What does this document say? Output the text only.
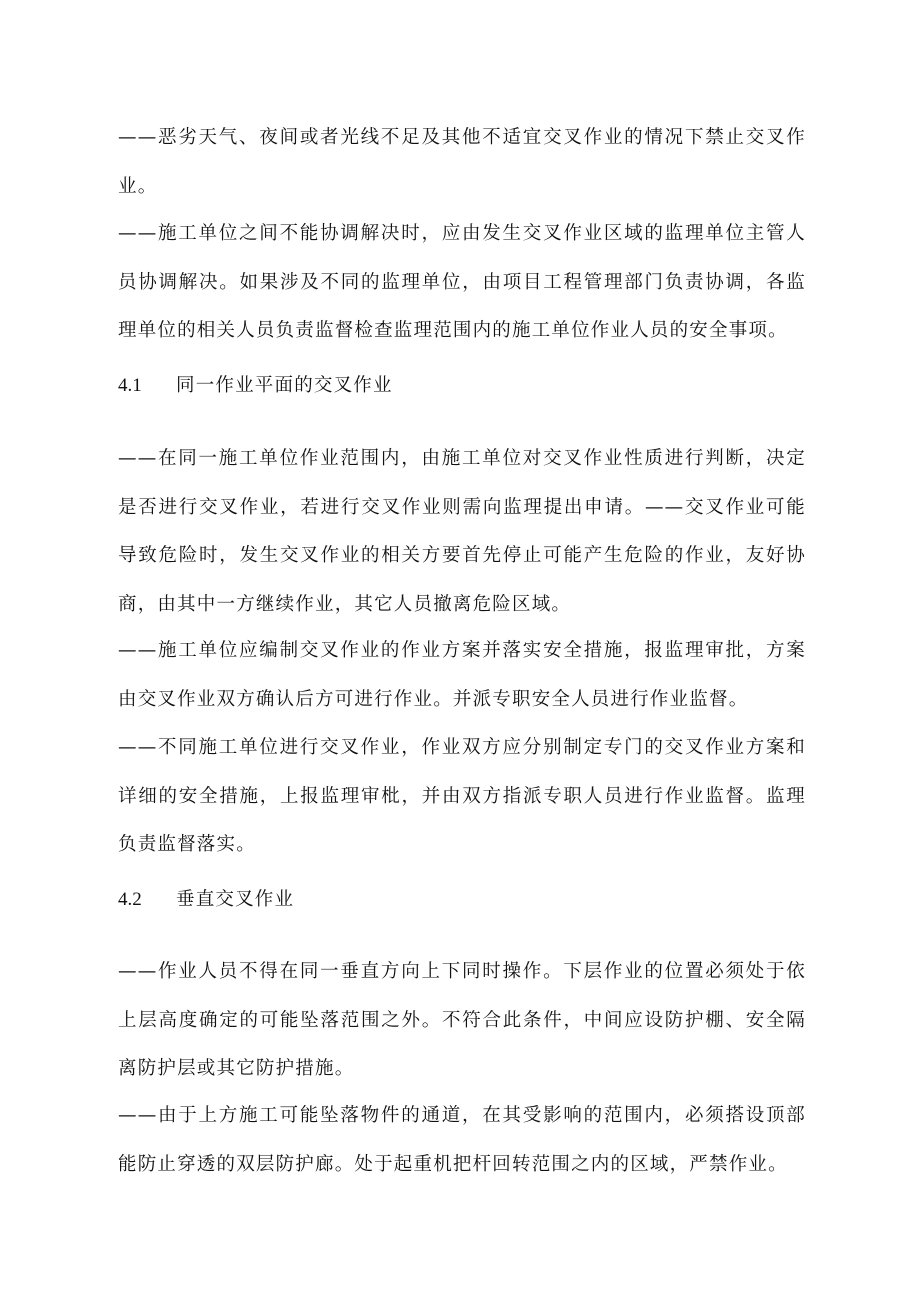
——恶劣天气、夜间或者光线不足及其他不适宜交叉作业的情况下禁止交叉作业。

——施工单位之间不能协调解决时，应由发生交叉作业区域的监理单位主管人员协调解决。如果涉及不同的监理单位，由项目工程管理部门负责协调，各监理单位的相关人员负责监督检查监理范围内的施工单位作业人员的安全事项。

4.1 同一作业平面的交叉作业

——在同一施工单位作业范围内，由施工单位对交叉作业性质进行判断，决定是否进行交叉作业，若进行交叉作业则需向监理提出申请。——交叉作业可能导致危险时，发生交叉作业的相关方要首先停止可能产生危险的作业，友好协商，由其中一方继续作业，其它人员撤离危险区域。

——施工单位应编制交叉作业的作业方案并落实安全措施，报监理审批，方案由交叉作业双方确认后方可进行作业。并派专职安全人员进行作业监督。

——不同施工单位进行交叉作业，作业双方应分别制定专门的交叉作业方案和详细的安全措施，上报监理审枇，并由双方指派专职人员进行作业监督。监理负责监督落实。

4.2 垂直交叉作业

——作业人员不得在同一垂直方向上下同时操作。下层作业的位置必须处于依上层高度确定的可能坠落范围之外。不符合此条件，中间应设防护棚、安全隔离防护层或其它防护措施。

——由于上方施工可能坠落物件的通道，在其受影响的范围内，必须搭设顶部能防止穿透的双层防护廊。处于起重机把杆回转范围之内的区域，严禁作业。
